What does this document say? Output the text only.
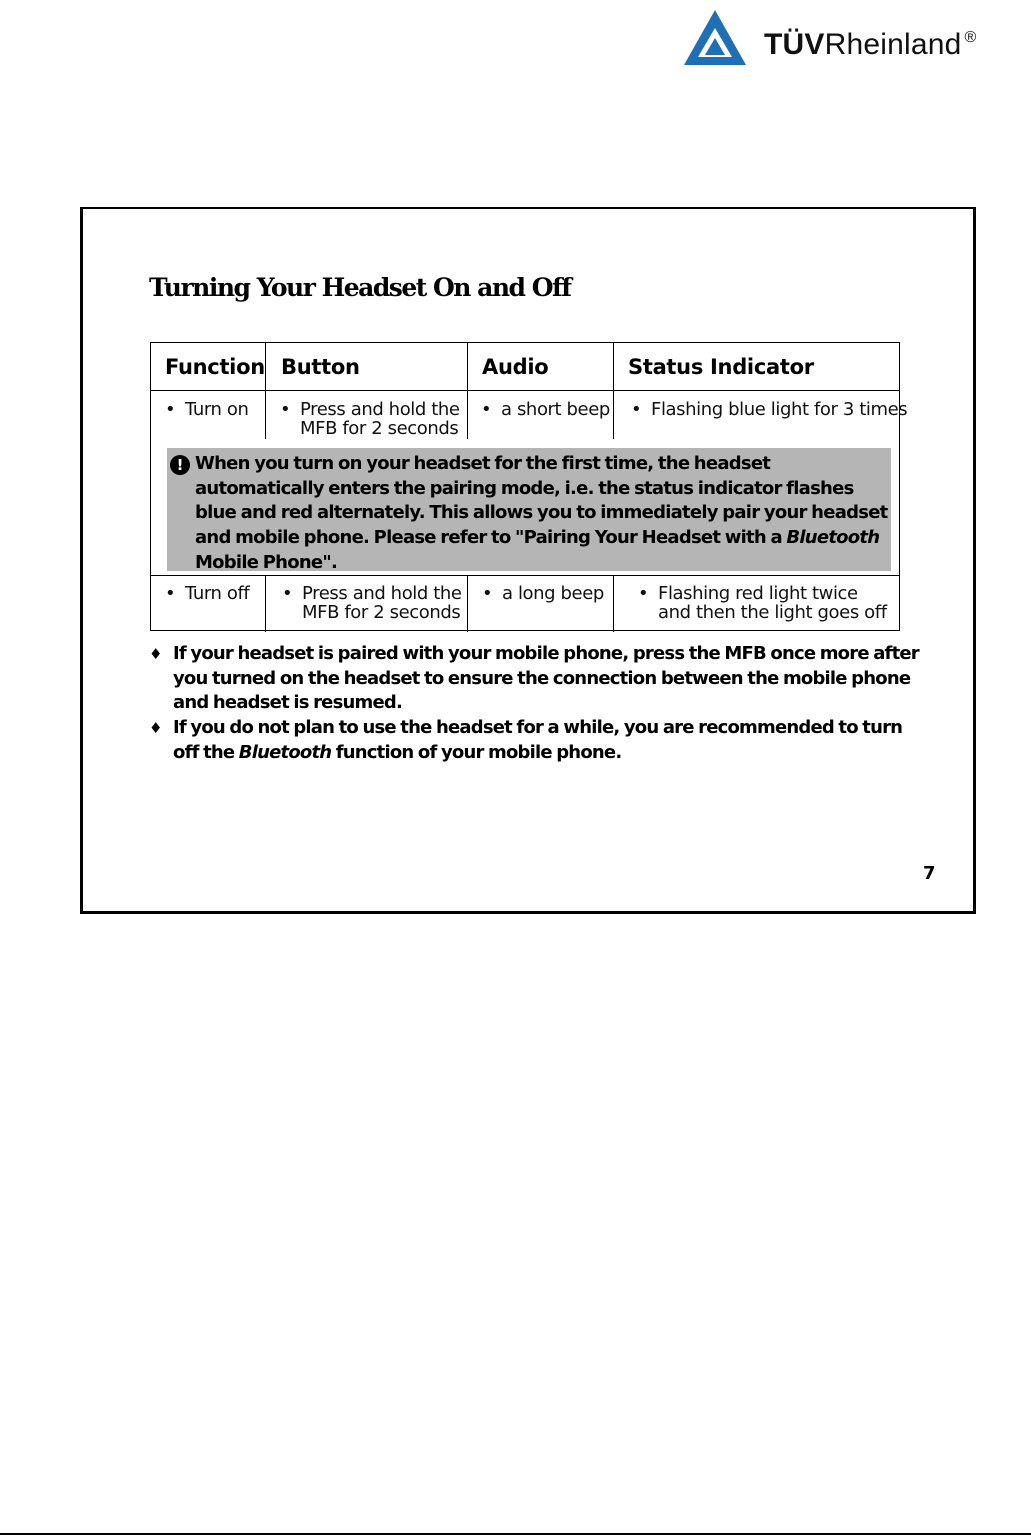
TÜVRheinland ®
Turning Your Headset On and Off
Function Button	Audio	Status Indicator
• Turn on • Press and hold the
MFB for 2 seconds
• a short beep • Flashing blue light for 3 times
! When you turn on your headset for the first time, the headset automatically enters the pairing mode, i.e. the status indicator flashes blue and red alternately. This allows you to immediately pair your headset and mobile phone. Please refer to "Pairing Your Headset with a Bluetooth Mobile Phone".
• Turn off • Press and hold the
MFB for 2 seconds
• a long beep • Flashing red light twice
and then the light goes off
♦ If your headset is paired with your mobile phone, press the MFB once more after you turned on the headset to ensure the connection between the mobile phone and headset is resumed.
♦ If you do not plan to use the headset for a while, you are recommended to turn off the Bluetooth function of your mobile phone.
7
